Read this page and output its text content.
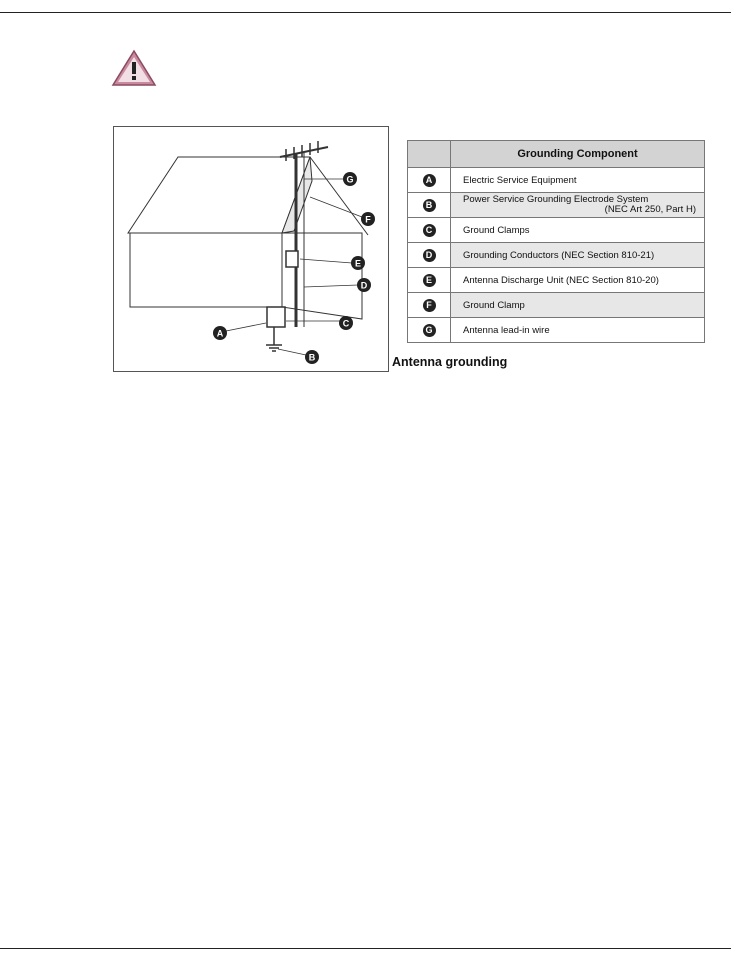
G
F
E
D
C
A
B
	Grounding Component
A	Electric Service Equipment
B	Power Service Grounding Electrode System
(NEC Art 250, Part H)

C	Ground Clamps
D	Grounding Conductors (NEC Section 810-21)
E	Antenna Discharge Unit (NEC Section 810-20)
F	Ground Clamp
G	Antenna lead-in wire
Antenna grounding
